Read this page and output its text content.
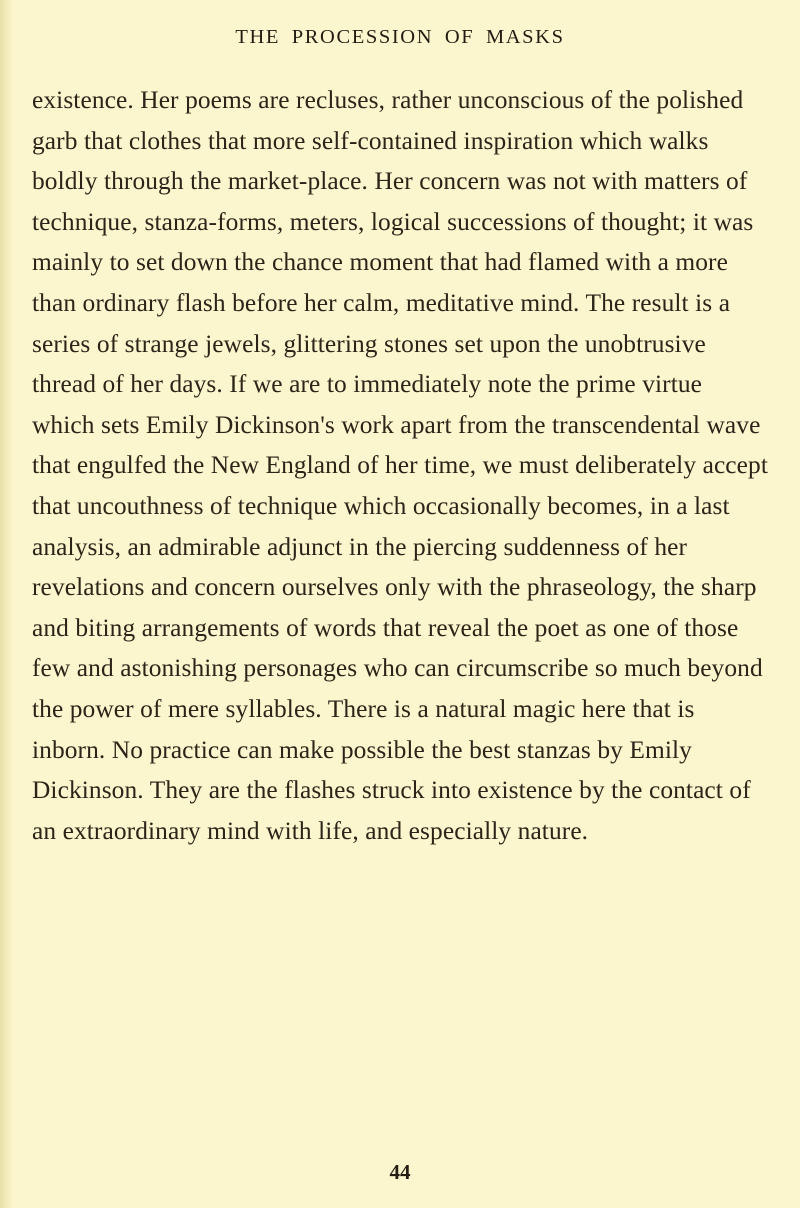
THE PROCESSION OF MASKS

existence. Her poems are recluses, rather unconscious of the polished garb that clothes that more self-contained inspiration which walks boldly through the market-place. Her concern was not with matters of technique, stanza-forms, meters, logical successions of thought; it was mainly to set down the chance moment that had flamed with a more than ordinary flash before her calm, meditative mind. The result is a series of strange jewels, glittering stones set upon the unobtrusive thread of her days. If we are to immediately note the prime virtue which sets Emily Dickinson's work apart from the transcendental wave that engulfed the New England of her time, we must deliberately accept that uncouthness of technique which occasionally becomes, in a last analysis, an admirable adjunct in the piercing suddenness of her revelations and concern ourselves only with the phraseology, the sharp and biting arrangements of words that reveal the poet as one of those few and astonishing personages who can circumscribe so much beyond the power of mere syllables. There is a natural magic here that is inborn. No practice can make possible the best stanzas by Emily Dickinson. They are the flashes struck into existence by the contact of an extraordinary mind with life, and especially nature.

44
